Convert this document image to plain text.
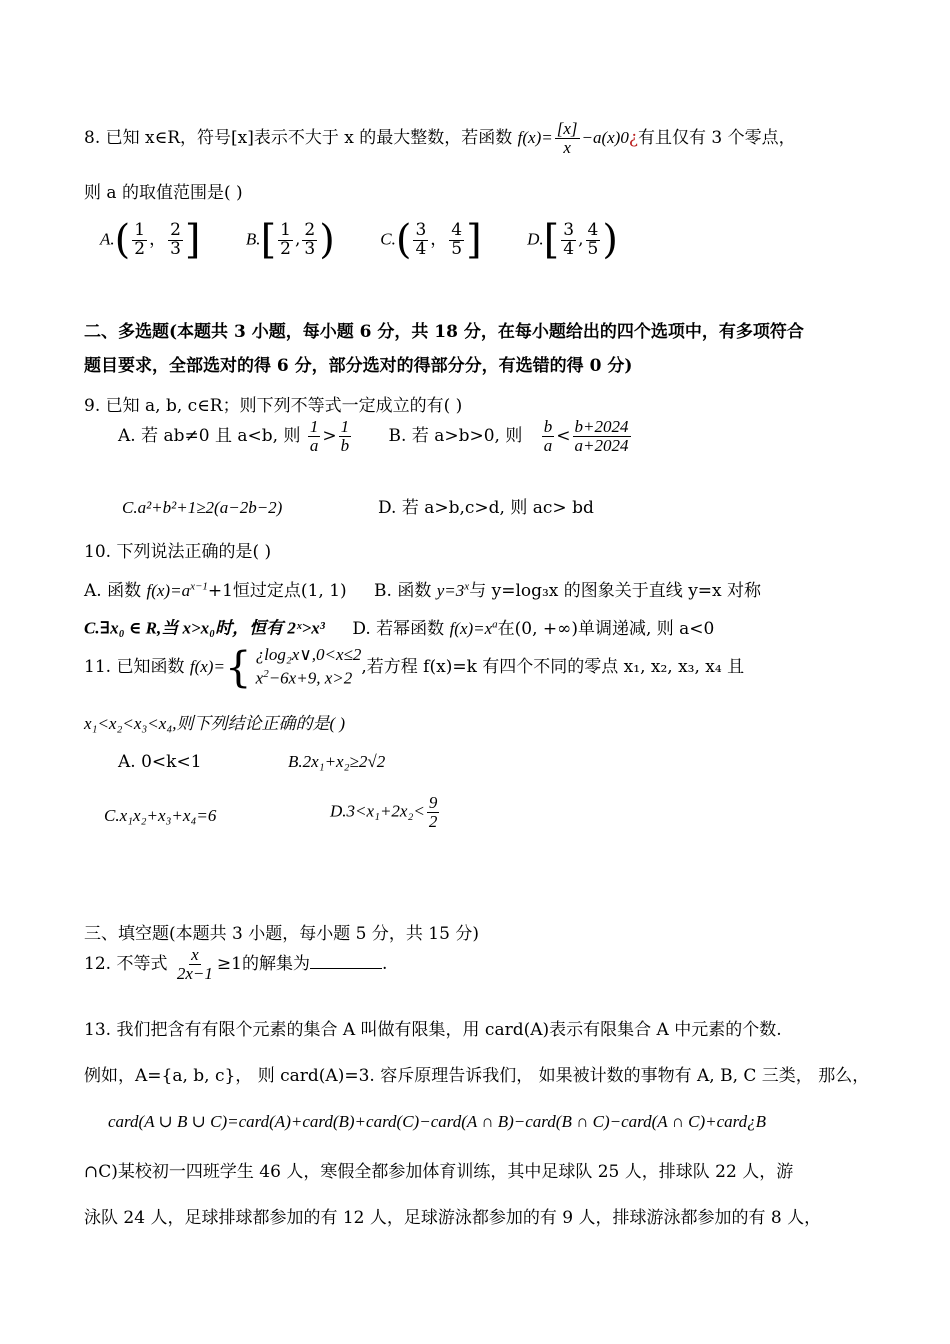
8. 已知 x∈R，符号[x]表示不大于 x 的最大整数，若函数 $f(x)= \frac{[x]}{x}$ −a(x)0¿有且仅有 3 个零点，
则 a 的取值范围是( )
$A.( \frac{1}{2}$ ， $\frac{2}{3}$ ]	$B.[ \frac{1}{2}$ , $\frac{2}{3}$ )	$C.( \frac{3}{4}$ ， $\frac{4}{5}$ ]	$D.[ \frac{3}{4}$ , $\frac{4}{5}$ )
二、多选题(本题共 3 小题，每小题 6 分，共 18 分，在每小题给出的四个选项中，有多项符合
题目要求，全部选对的得 6 分，部分选对的得部分分，有选错的得 0 分)
9. 已知 a, b, c∈R；则下列不等式一定成立的有( )
A. 若 ab≠0 且 a<b, 则 $\frac{1}{a} > \frac{1}{b} B$. 若 a>b>0, 则 $\frac{b}{a} < \frac{b+2024}{a+2024}$
C.a²+b²+1≥2(a−2b−2)	D. 若 a>b,c>d, 则 ac> bd
10. 下列说法正确的是( )
A. 函数 $f(x)=a^{x-1}+1$恒过定点(1, 1) B. 函数 $y=3^x$与 y=log₃x 的图象关于直线 y=x 对称
C.∃x₀ ∈ R,当 x>x₀时，恒有 2ˣ>x³ D. 若幂函数 $f(x)=x^a$在(0, +∞)单调递减, 则 a<0
11. 已知函数 f(x)={ ¿log₂x∨,0<x≤2
$x^2-6x+9$, x>2
,若方程 f(x)=k 有四个不同的零点 x₁, x₂, x₃, x₄ 且
x₁<x₂<x₃<x₄,则下列结论正确的是( )
A. 0<k<1	B.2x₁+x₂≥2√2
C.x₁x₂+x₃+x₄=6	$D.3<x_1+2x_2< \frac{9}{2}$
三、填空题(本题共 3 小题，每小题 5 分，共 15 分)
12. 不等式 $\frac{x}{2x-1} \ge 1$的解集为	.
13. 我们把含有有限个元素的集合 A 叫做有限集，用 card(A)表示有限集合 A 中元素的个数.
例如，A={a, b, c}， 则 card(A)=3. 容斥原理告诉我们， 如果被计数的事物有 A, B, C 三类， 那么，
card(A ∪ B ∪ C)=card(A)+card(B)+card(C)−card(A ∩ B)−card(B ∩ C)−card(A ∩ C)+card¿B
∩C)某校初一四班学生 46 人，寒假全都参加体育训练，其中足球队 25 人，排球队 22 人，游
泳队 24 人，足球排球都参加的有 12 人，足球游泳都参加的有 9 人，排球游泳都参加的有 8 人，
